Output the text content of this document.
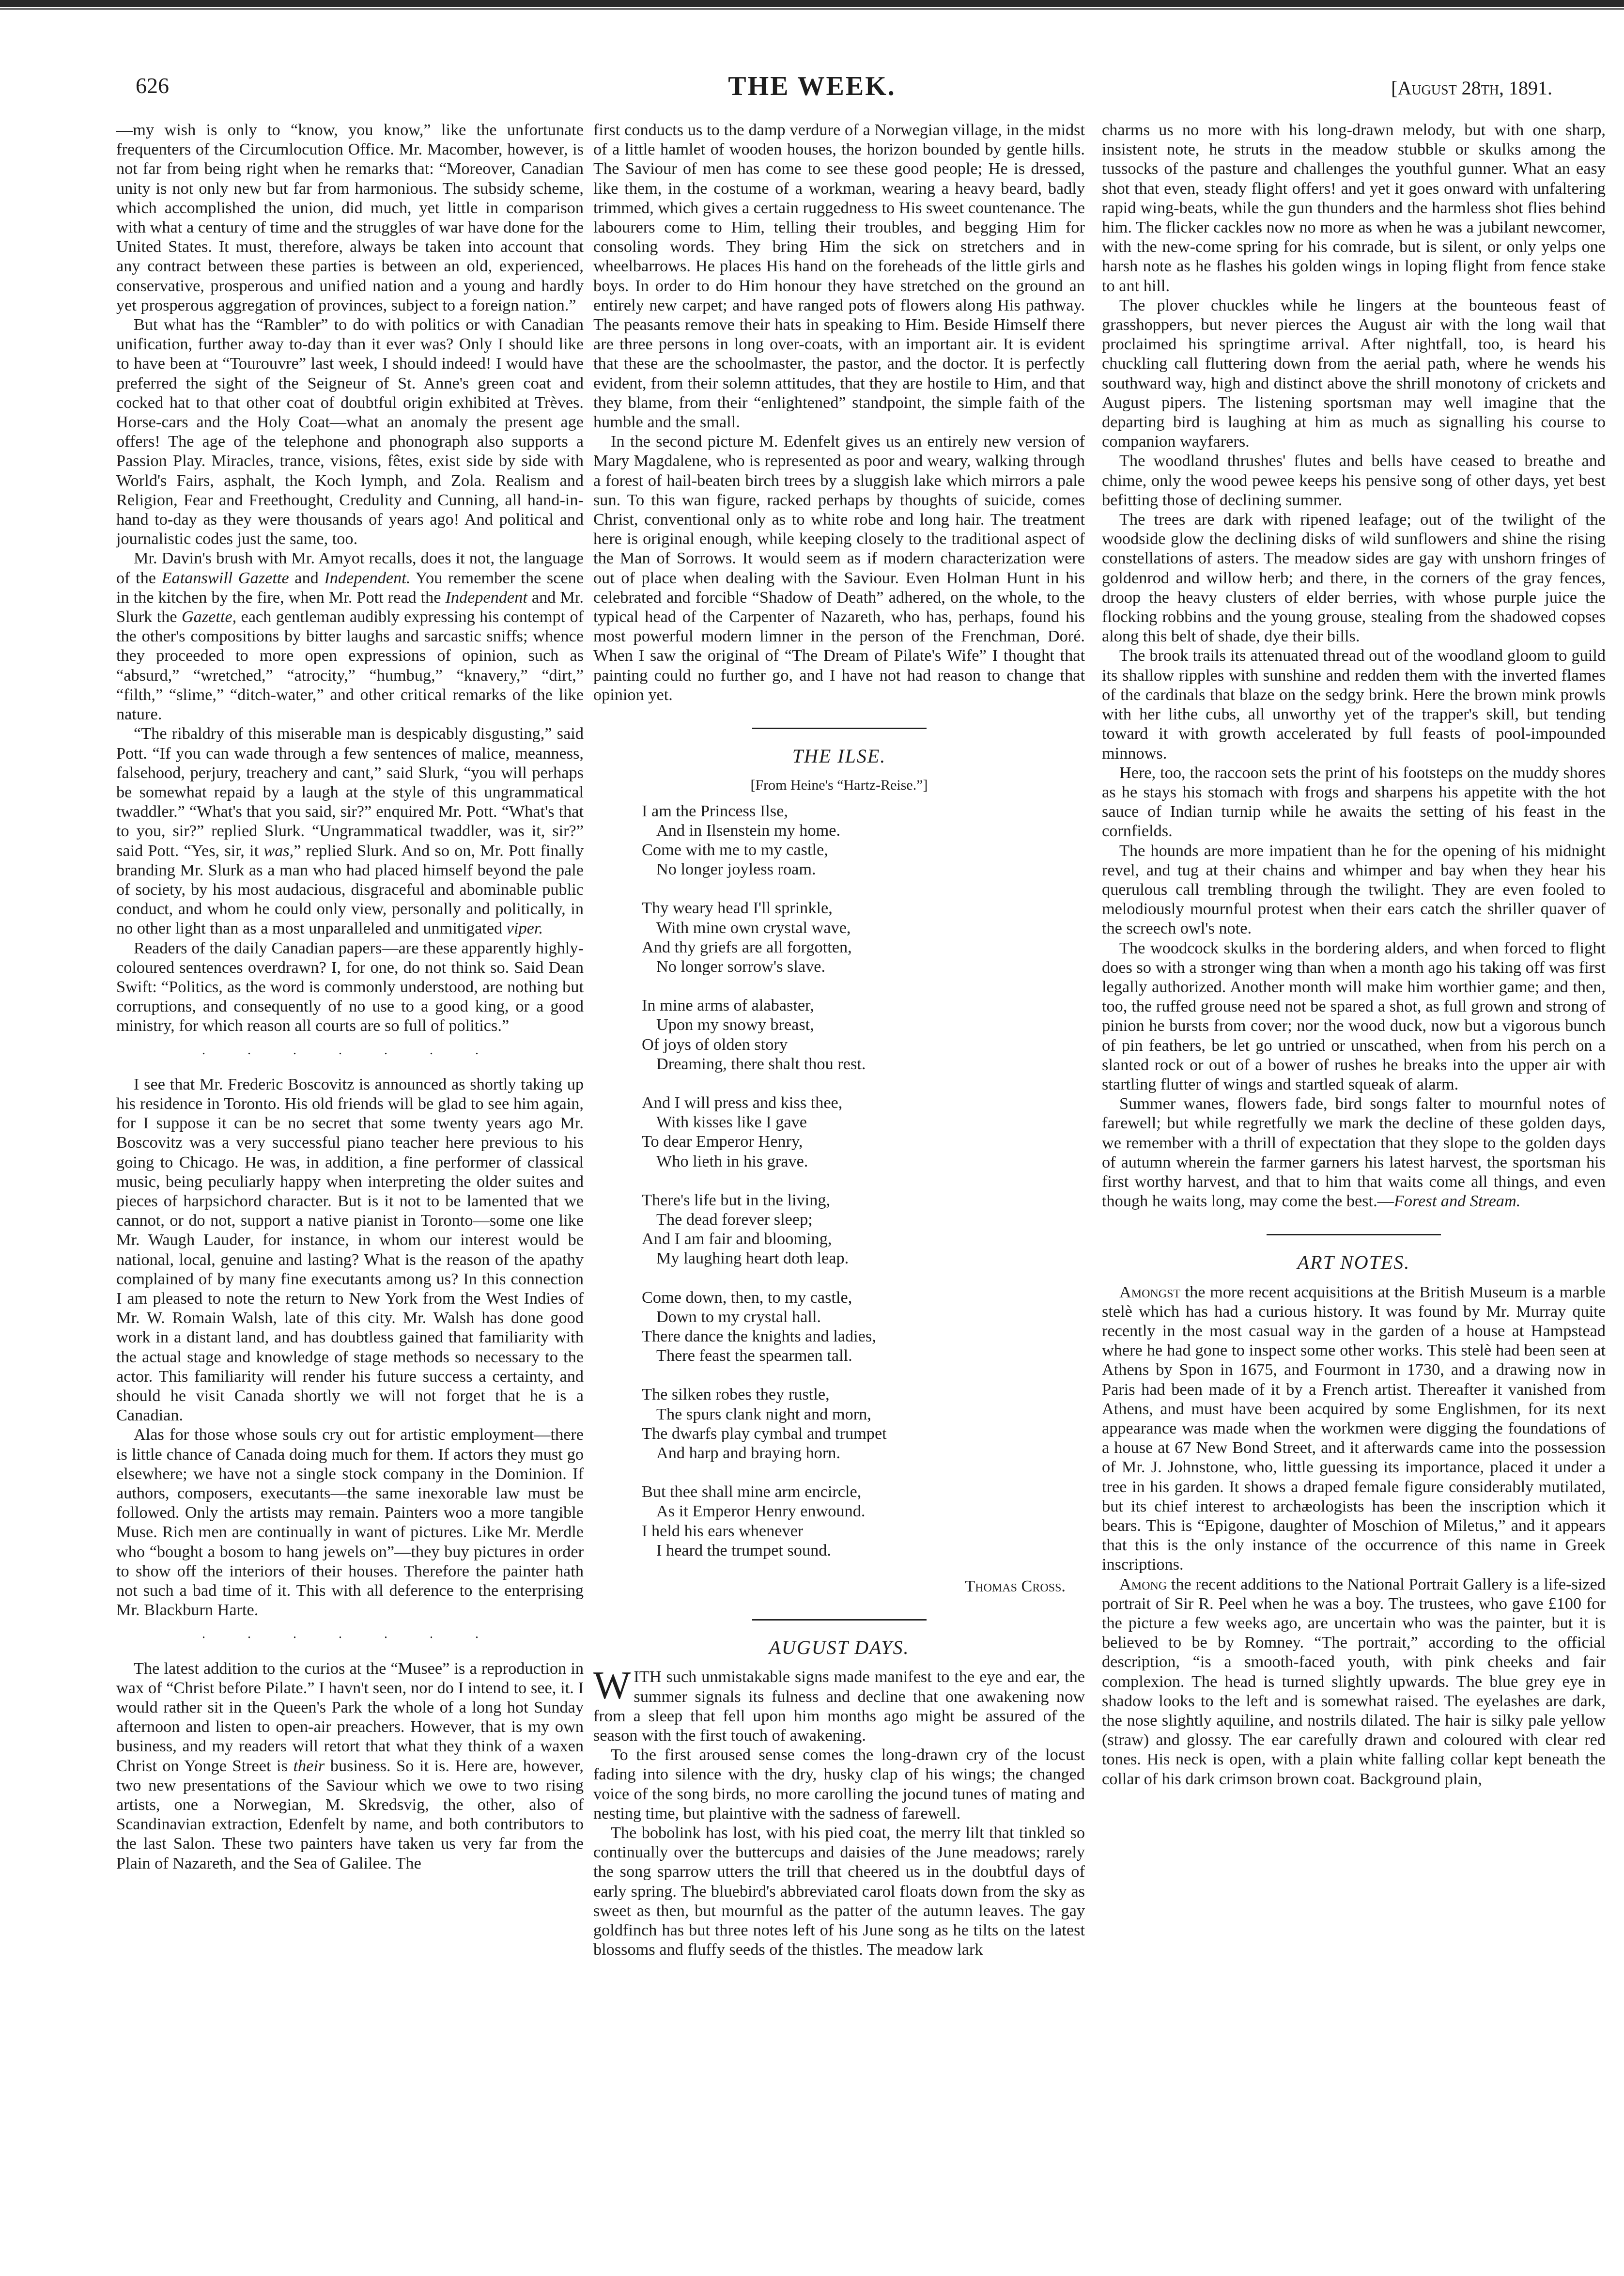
626	THE WEEK.	[August 28th, 1891.

—my wish is only to “know, you know,” like the unfortunate frequenters of the Circumlocution Office. Mr. Macomber, however, is not far from being right when he remarks that: “Moreover, Canadian unity is not only new but far from harmonious. The subsidy scheme, which accomplished the union, did much, yet little in comparison with what a century of time and the struggles of war have done for the United States. It must, therefore, always be taken into account that any contract between these parties is between an old, experienced, conservative, prosperous and unified nation and a young and hardly yet prosperous aggregation of provinces, subject to a foreign nation.”

But what has the “Rambler” to do with politics or with Canadian unification, further away to-day than it ever was? Only I should like to have been at “Tourouvre” last week, I should indeed! I would have preferred the sight of the Seigneur of St. Anne's green coat and cocked hat to that other coat of doubtful origin exhibited at Trèves. Horse-cars and the Holy Coat—what an anomaly the present age offers! The age of the telephone and phonograph also supports a Passion Play. Miracles, trance, visions, fêtes, exist side by side with World's Fairs, asphalt, the Koch lymph, and Zola. Realism and Religion, Fear and Freethought, Credulity and Cunning, all hand-in-hand to-day as they were thousands of years ago! And political and journalistic codes just the same, too.

Mr. Davin's brush with Mr. Amyot recalls, does it not, the language of the Eatanswill Gazette and Independent. You remember the scene in the kitchen by the fire, when Mr. Pott read the Independent and Mr. Slurk the Gazette, each gentleman audibly expressing his contempt of the other's compositions by bitter laughs and sarcastic sniffs; whence they proceeded to more open expressions of opinion, such as “absurd,” “wretched,” “atrocity,” “humbug,” “knavery,” “dirt,” “filth,” “slime,” “ditch-water,” and other critical remarks of the like nature.

“The ribaldry of this miserable man is despicably disgusting,” said Pott. “If you can wade through a few sentences of malice, meanness, falsehood, perjury, treachery and cant,” said Slurk, “you will perhaps be somewhat repaid by a laugh at the style of this ungrammatical twaddler.” “What's that you said, sir?” enquired Mr. Pott. “What's that to you, sir?” replied Slurk. “Ungrammatical twaddler, was it, sir?” said Pott. “Yes, sir, it was,” replied Slurk. And so on, Mr. Pott finally branding Mr. Slurk as a man who had placed himself beyond the pale of society, by his most audacious, disgraceful and abominable public conduct, and whom he could only view, personally and politically, in no other light than as a most unparalleled and unmitigated viper.

Readers of the daily Canadian papers—are these apparently highly-coloured sentences overdrawn? I, for one, do not think so. Said Dean Swift: “Politics, as the word is commonly understood, are nothing but corruptions, and consequently of no use to a good king, or a good ministry, for which reason all courts are so full of politics.”

. . . . . . .

I see that Mr. Frederic Boscovitz is announced as shortly taking up his residence in Toronto. His old friends will be glad to see him again, for I suppose it can be no secret that some twenty years ago Mr. Boscovitz was a very successful piano teacher here previous to his going to Chicago. He was, in addition, a fine performer of classical music, being peculiarly happy when interpreting the older suites and pieces of harpsichord character. But is it not to be lamented that we cannot, or do not, support a native pianist in Toronto—some one like Mr. Waugh Lauder, for instance, in whom our interest would be national, local, genuine and lasting? What is the reason of the apathy complained of by many fine executants among us? In this connection I am pleased to note the return to New York from the West Indies of Mr. W. Romain Walsh, late of this city. Mr. Walsh has done good work in a distant land, and has doubtless gained that familiarity with the actual stage and knowledge of stage methods so necessary to the actor. This familiarity will render his future success a certainty, and should he visit Canada shortly we will not forget that he is a Canadian.

Alas for those whose souls cry out for artistic employment—there is little chance of Canada doing much for them. If actors they must go elsewhere; we have not a single stock company in the Dominion. If authors, composers, executants—the same inexorable law must be followed. Only the artists may remain. Painters woo a more tangible Muse. Rich men are continually in want of pictures. Like Mr. Merdle who “bought a bosom to hang jewels on”—they buy pictures in order to show off the interiors of their houses. Therefore the painter hath not such a bad time of it. This with all deference to the enterprising Mr. Blackburn Harte.

. . . . . . .

The latest addition to the curios at the “Musee” is a reproduction in wax of “Christ before Pilate.” I havn't seen, nor do I intend to see, it. I would rather sit in the Queen's Park the whole of a long hot Sunday afternoon and listen to open-air preachers. However, that is my own business, and my readers will retort that what they think of a waxen Christ on Yonge Street is their business. So it is. Here are, however, two new presentations of the Saviour which we owe to two rising artists, one a Norwegian, M. Skredsvig, the other, also of Scandinavian extraction, Edenfelt by name, and both contributors to the last Salon. These two painters have taken us very far from the Plain of Nazareth, and the Sea of Galilee. The

first conducts us to the damp verdure of a Norwegian village, in the midst of a little hamlet of wooden houses, the horizon bounded by gentle hills. The Saviour of men has come to see these good people; He is dressed, like them, in the costume of a workman, wearing a heavy beard, badly trimmed, which gives a certain ruggedness to His sweet countenance. The labourers come to Him, telling their troubles, and begging Him for consoling words. They bring Him the sick on stretchers and in wheelbarrows. He places His hand on the foreheads of the little girls and boys. In order to do Him honour they have stretched on the ground an entirely new carpet; and have ranged pots of flowers along His pathway. The peasants remove their hats in speaking to Him. Beside Himself there are three persons in long over-coats, with an important air. It is evident that these are the schoolmaster, the pastor, and the doctor. It is perfectly evident, from their solemn attitudes, that they are hostile to Him, and that they blame, from their “enlightened” standpoint, the simple faith of the humble and the small.

In the second picture M. Edenfelt gives us an entirely new version of Mary Magdalene, who is represented as poor and weary, walking through a forest of hail-beaten birch trees by a sluggish lake which mirrors a pale sun. To this wan figure, racked perhaps by thoughts of suicide, comes Christ, conventional only as to white robe and long hair. The treatment here is original enough, while keeping closely to the traditional aspect of the Man of Sorrows. It would seem as if modern characterization were out of place when dealing with the Saviour. Even Holman Hunt in his celebrated and forcible “Shadow of Death” adhered, on the whole, to the typical head of the Carpenter of Nazareth, who has, perhaps, found his most powerful modern limner in the person of the Frenchman, Doré. When I saw the original of “The Dream of Pilate's Wife” I thought that painting could no further go, and I have not had reason to change that opinion yet.

THE ILSE.
[From Heine's “Hartz-Reise.”]
I am the Princess Ilse,
And in Ilsenstein my home.
Come with me to my castle,
No longer joyless roam.
Thy weary head I'll sprinkle,
With mine own crystal wave,
And thy griefs are all forgotten,
No longer sorrow's slave.
In mine arms of alabaster,
Upon my snowy breast,
Of joys of olden story
Dreaming, there shalt thou rest.
And I will press and kiss thee,
With kisses like I gave
To dear Emperor Henry,
Who lieth in his grave.
There's life but in the living,
The dead forever sleep;
And I am fair and blooming,
My laughing heart doth leap.
Come down, then, to my castle,
Down to my crystal hall.
There dance the knights and ladies,
There feast the spearmen tall.
The silken robes they rustle,
The spurs clank night and morn,
The dwarfs play cymbal and trumpet
And harp and braying horn.
But thee shall mine arm encircle,
As it Emperor Henry enwound.
I held his ears whenever
I heard the trumpet sound.
Thomas Cross.
AUGUST DAYS.

WITH such unmistakable signs made manifest to the eye and ear, the summer signals its fulness and decline that one awakening now from a sleep that fell upon him months ago might be assured of the season with the first touch of awakening.

To the first aroused sense comes the long-drawn cry of the locust fading into silence with the dry, husky clap of his wings; the changed voice of the song birds, no more carolling the jocund tunes of mating and nesting time, but plaintive with the sadness of farewell.

The bobolink has lost, with his pied coat, the merry lilt that tinkled so continually over the buttercups and daisies of the June meadows; rarely the song sparrow utters the trill that cheered us in the doubtful days of early spring. The bluebird's abbreviated carol floats down from the sky as sweet as then, but mournful as the patter of the autumn leaves. The gay goldfinch has but three notes left of his June song as he tilts on the latest blossoms and fluffy seeds of the thistles. The meadow lark

charms us no more with his long-drawn melody, but with one sharp, insistent note, he struts in the meadow stubble or skulks among the tussocks of the pasture and challenges the youthful gunner. What an easy shot that even, steady flight offers! and yet it goes onward with unfaltering rapid wing-beats, while the gun thunders and the harmless shot flies behind him. The flicker cackles now no more as when he was a jubilant newcomer, with the new-come spring for his comrade, but is silent, or only yelps one harsh note as he flashes his golden wings in loping flight from fence stake to ant hill.

The plover chuckles while he lingers at the bounteous feast of grasshoppers, but never pierces the August air with the long wail that proclaimed his springtime arrival. After nightfall, too, is heard his chuckling call fluttering down from the aerial path, where he wends his southward way, high and distinct above the shrill monotony of crickets and August pipers. The listening sportsman may well imagine that the departing bird is laughing at him as much as signalling his course to companion wayfarers.

The woodland thrushes' flutes and bells have ceased to breathe and chime, only the wood pewee keeps his pensive song of other days, yet best befitting those of declining summer.

The trees are dark with ripened leafage; out of the twilight of the woodside glow the declining disks of wild sunflowers and shine the rising constellations of asters. The meadow sides are gay with unshorn fringes of goldenrod and willow herb; and there, in the corners of the gray fences, droop the heavy clusters of elder berries, with whose purple juice the flocking robbins and the young grouse, stealing from the shadowed copses along this belt of shade, dye their bills.

The brook trails its attenuated thread out of the woodland gloom to guild its shallow ripples with sunshine and redden them with the inverted flames of the cardinals that blaze on the sedgy brink. Here the brown mink prowls with her lithe cubs, all unworthy yet of the trapper's skill, but tending toward it with growth accelerated by full feasts of pool-impounded minnows.

Here, too, the raccoon sets the print of his footsteps on the muddy shores as he stays his stomach with frogs and sharpens his appetite with the hot sauce of Indian turnip while he awaits the setting of his feast in the cornfields.

The hounds are more impatient than he for the opening of his midnight revel, and tug at their chains and whimper and bay when they hear his querulous call trembling through the twilight. They are even fooled to melodiously mournful protest when their ears catch the shriller quaver of the screech owl's note.

The woodcock skulks in the bordering alders, and when forced to flight does so with a stronger wing than when a month ago his taking off was first legally authorized. Another month will make him worthier game; and then, too, the ruffed grouse need not be spared a shot, as full grown and strong of pinion he bursts from cover; nor the wood duck, now but a vigorous bunch of pin feathers, be let go untried or unscathed, when from his perch on a slanted rock or out of a bower of rushes he breaks into the upper air with startling flutter of wings and startled squeak of alarm.

Summer wanes, flowers fade, bird songs falter to mournful notes of farewell; but while regretfully we mark the decline of these golden days, we remember with a thrill of expectation that they slope to the golden days of autumn wherein the farmer garners his latest harvest, the sportsman his first worthy harvest, and that to him that waits come all things, and even though he waits long, may come the best.—Forest and Stream.

ART NOTES.

Amongst the more recent acquisitions at the British Museum is a marble stelè which has had a curious history. It was found by Mr. Murray quite recently in the most casual way in the garden of a house at Hampstead where he had gone to inspect some other works. This stelè had been seen at Athens by Spon in 1675, and Fourmont in 1730, and a drawing now in Paris had been made of it by a French artist. Thereafter it vanished from Athens, and must have been acquired by some Englishmen, for its next appearance was made when the workmen were digging the foundations of a house at 67 New Bond Street, and it afterwards came into the possession of Mr. J. Johnstone, who, little guessing its importance, placed it under a tree in his garden. It shows a draped female figure considerably mutilated, but its chief interest to archæologists has been the inscription which it bears. This is “Epigone, daughter of Moschion of Miletus,” and it appears that this is the only instance of the occurrence of this name in Greek inscriptions.

Among the recent additions to the National Portrait Gallery is a life-sized portrait of Sir R. Peel when he was a boy. The trustees, who gave £100 for the picture a few weeks ago, are uncertain who was the painter, but it is believed to be by Romney. “The portrait,” according to the official description, “is a smooth-faced youth, with pink cheeks and fair complexion. The head is turned slightly upwards. The blue grey eye in shadow looks to the left and is somewhat raised. The eyelashes are dark, the nose slightly aquiline, and nostrils dilated. The hair is silky pale yellow (straw) and glossy. The ear carefully drawn and coloured with clear red tones. His neck is open, with a plain white falling collar kept beneath the collar of his dark crimson brown coat. Background plain,
